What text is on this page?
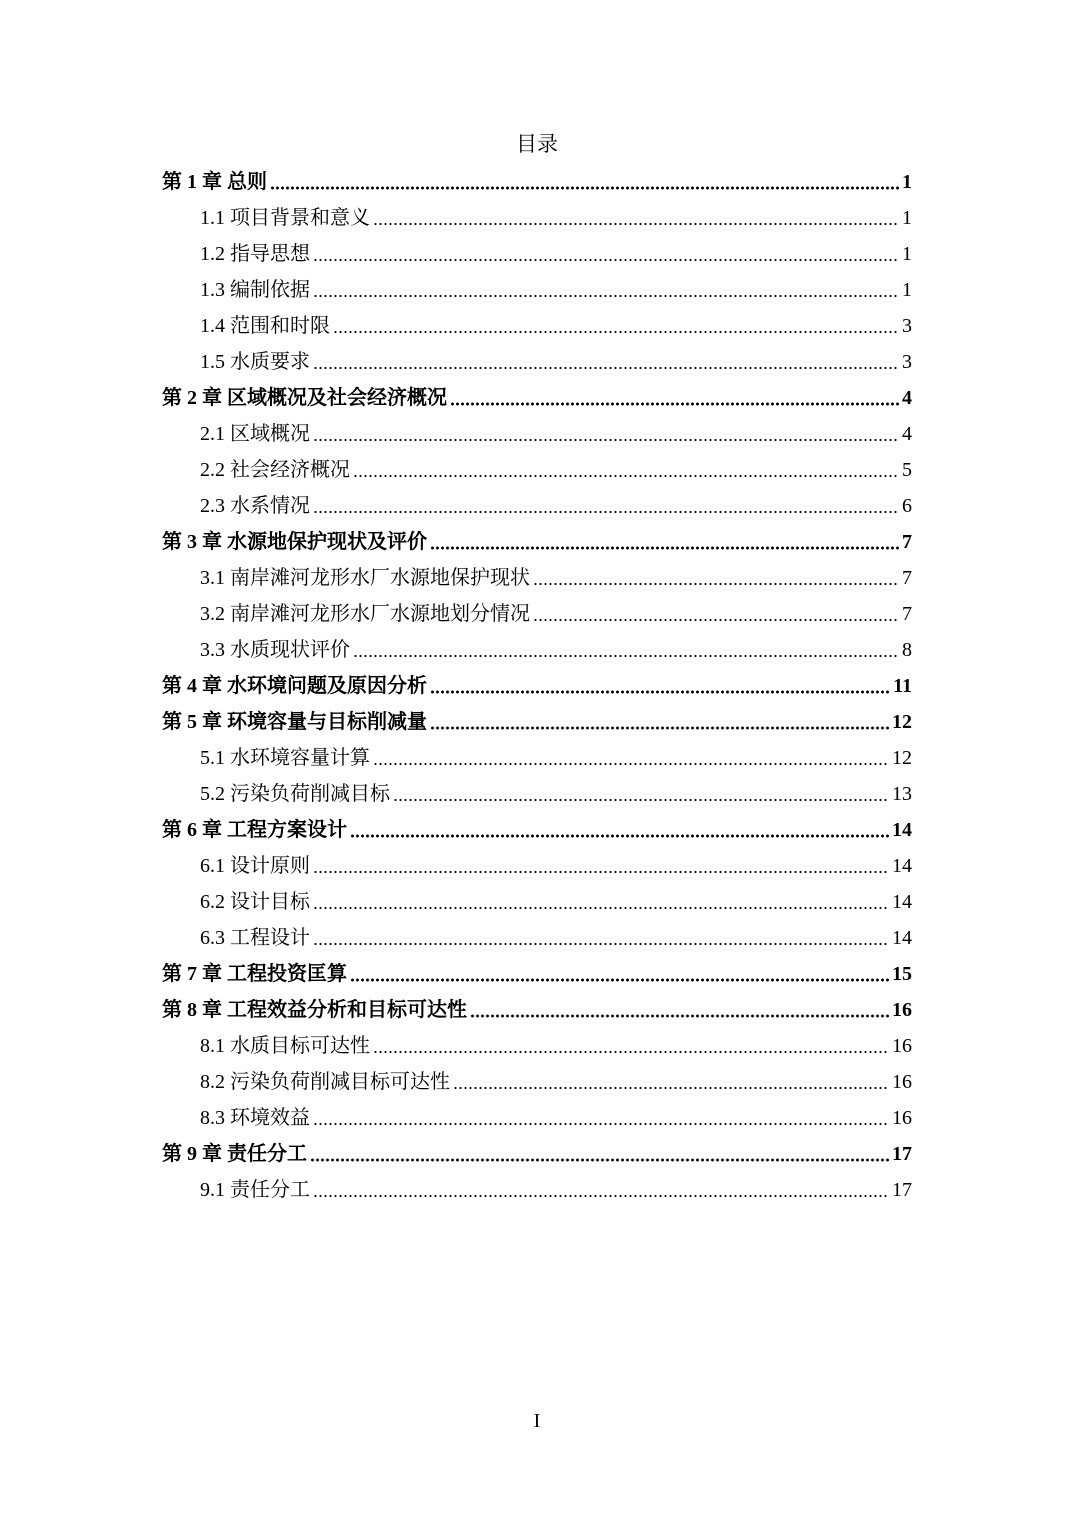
目录
第 1 章 总则	1
1.1 项目背景和意义	1
1.2 指导思想	1
1.3 编制依据	1
1.4 范围和时限	3
1.5 水质要求	3
第 2 章 区域概况及社会经济概况	4
2.1 区域概况	4
2.2 社会经济概况	5
2.3 水系情况	6
第 3 章 水源地保护现状及评价	7
3.1 南岸滩河龙形水厂水源地保护现状	7
3.2 南岸滩河龙形水厂水源地划分情况	7
3.3 水质现状评价	8
第 4 章 水环境问题及原因分析	11
第 5 章 环境容量与目标削减量	12
5.1 水环境容量计算	12
5.2 污染负荷削减目标	13
第 6 章 工程方案设计	14
6.1 设计原则	14
6.2 设计目标	14
6.3 工程设计	14
第 7 章 工程投资匡算	15
第 8 章 工程效益分析和目标可达性	16
8.1 水质目标可达性	16
8.2 污染负荷削减目标可达性	16
8.3 环境效益	16
第 9 章 责任分工	17
9.1 责任分工	17
I
